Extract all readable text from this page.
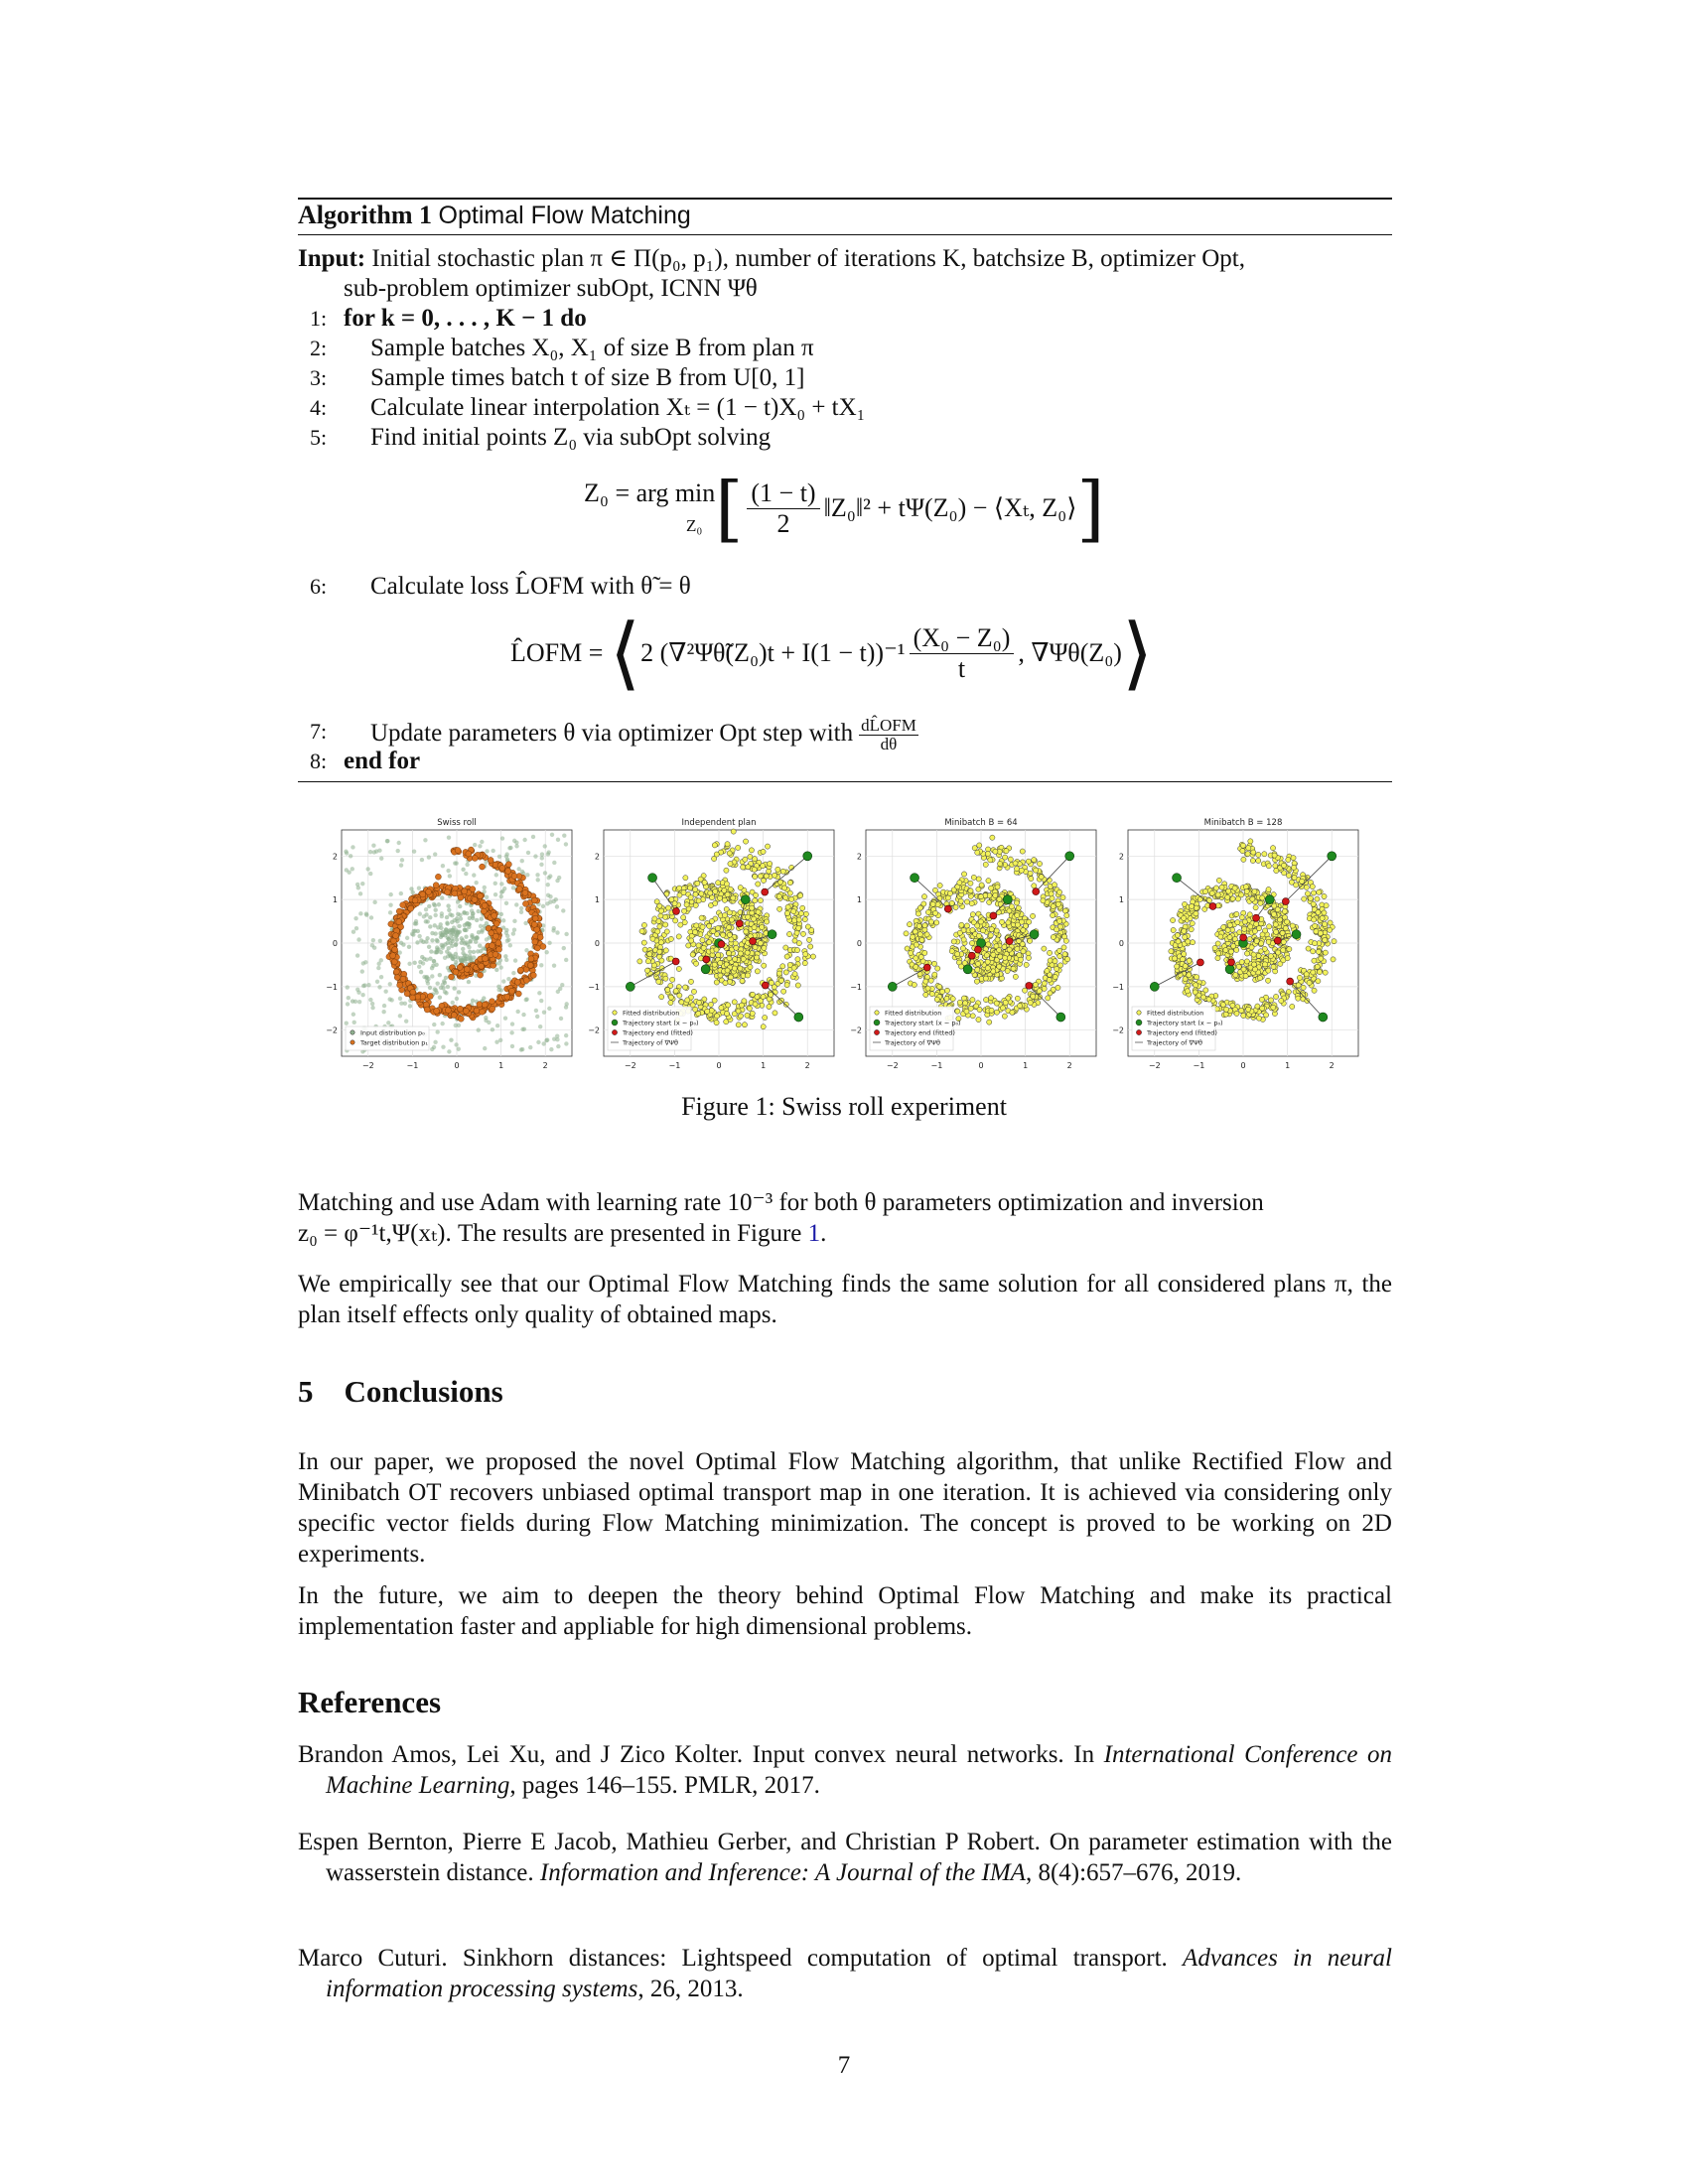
Algorithm 1 Optimal Flow Matching
Input: Initial stochastic plan π ∈ Π(p₀, p₁), number of iterations K, batchsize B, optimizer Opt,
sub-problem optimizer subOpt, ICNN Ψθ
1: for k = 0, . . . , K − 1 do
2: Sample batches X₀, X₁ of size B from plan π
3: Sample times batch t of size B from U[0, 1]
4: Calculate linear interpolation Xₜ = (1 − t)X₀ + tX₁
5: Find initial points Z₀ via subOpt solving
Z₀ = arg min
Z₀ [ $\frac{(1 - t)}{2}$ ‖Z₀‖² + tΨ(Z₀) − ⟨Xₜ, Z₀⟩]
6: Calculate loss L̂OFM with θ̃ = θ
L̂OFM = ⟨2 (∇²Ψθ̃(Z₀)t + $I(1 - t))^{-1} \frac{\text{(X₀ − Z₀)}}{t}$ , ∇Ψθ(Z₀)⟩
7: Update parameters θ via optimizer Opt step with $\frac{\text{dL̂OFM}}{d\theta}$
8: end for
−2
2
−1
1
0
0
1
−1
2
−2
Swiss roll
Input distribution p₀
Target distribution p₁
−2
2
−1
1
0
0
1
−1
2
−2
Independent plan
Fitted distribution
Trajectory start (x ~ p₀)
Trajectory end (fitted)
Trajectory of ∇Ψθ
−2
2
−1
1
0
0
1
−1
2
−2
Minibatch B = 64
Fitted distribution
Trajectory start (x ~ p₀)
Trajectory end (fitted)
Trajectory of ∇Ψθ
−2
2
−1
1
0
0
1
−1
2
−2
Minibatch B = 128
Fitted distribution
Trajectory start (x ~ p₀)
Trajectory end (fitted)
Trajectory of ∇Ψθ
Figure 1: Swiss roll experiment
Matching and use Adam with learning rate 10⁻³ for both θ parameters optimization and inversion
z₀ = φ⁻¹t,Ψ(xₜ). The results are presented in Figure 1.
We empirically see that our Optimal Flow Matching finds the same solution for all considered plans π, the plan itself effects only quality of obtained maps.
5 Conclusions
In our paper, we proposed the novel Optimal Flow Matching algorithm, that unlike Rectified Flow and Minibatch OT recovers unbiased optimal transport map in one iteration. It is achieved via considering only specific vector fields during Flow Matching minimization. The concept is proved to be working on 2D experiments.
In the future, we aim to deepen the theory behind Optimal Flow Matching and make its practical implementation faster and appliable for high dimensional problems.
References
Brandon Amos, Lei Xu, and J Zico Kolter. Input convex neural networks. In International Conference on Machine Learning, pages 146–155. PMLR, 2017.
Espen Bernton, Pierre E Jacob, Mathieu Gerber, and Christian P Robert. On parameter estimation with the wasserstein distance. Information and Inference: A Journal of the IMA, 8(4):657–676, 2019.
Marco Cuturi. Sinkhorn distances: Lightspeed computation of optimal transport. Advances in neural information processing systems, 26, 2013.
7
